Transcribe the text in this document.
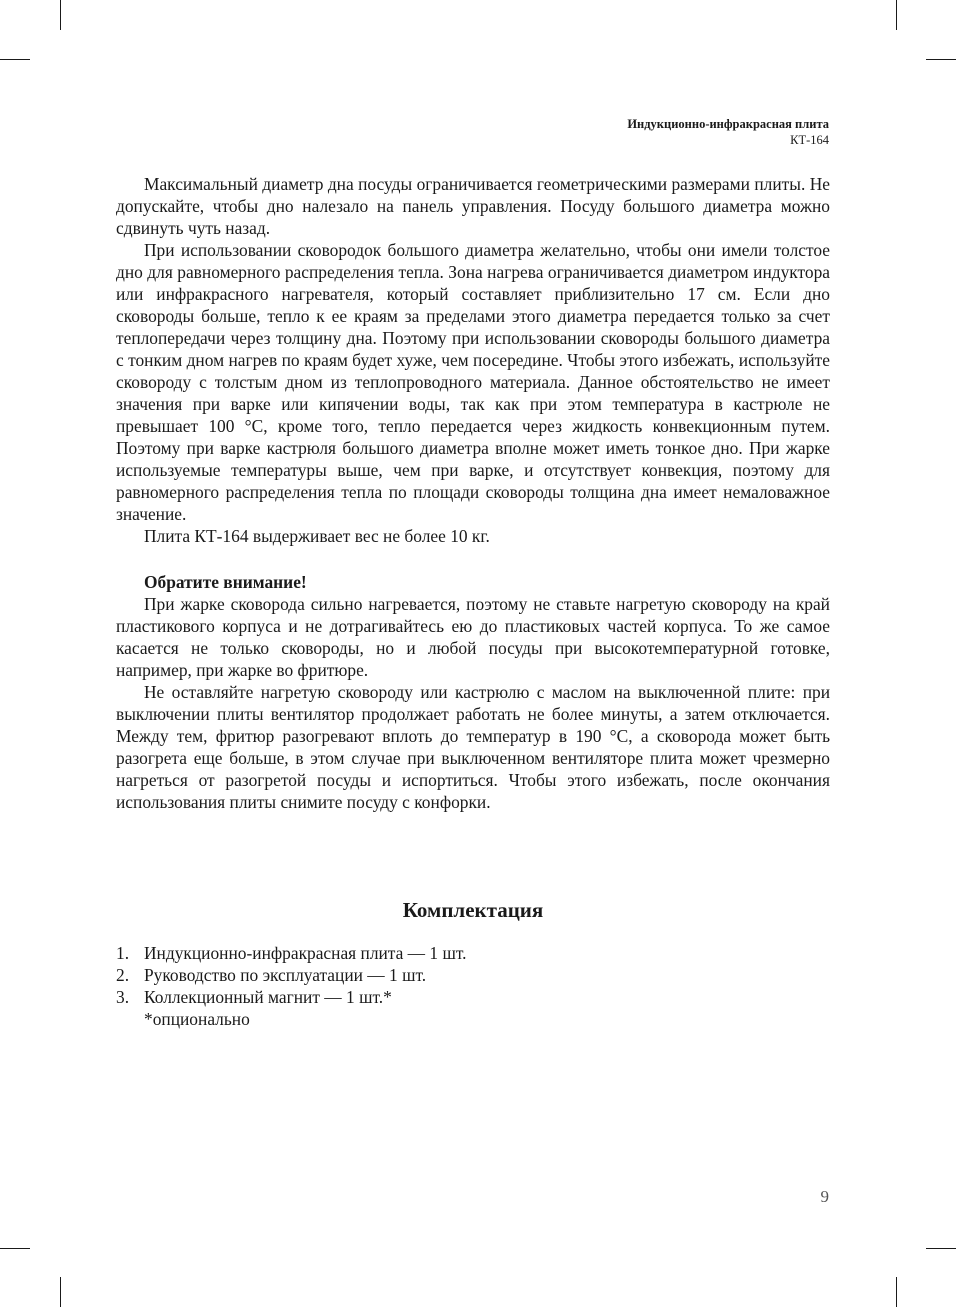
Индукционно-инфракрасная плита
КТ-164

Максимальный диаметр дна посуды ограничивается геометрическими размерами плиты. Не допускайте, чтобы дно налезало на панель управления. Посуду большого диаметра можно сдвинуть чуть назад.

При использовании сковородок большого диаметра желательно, чтобы они имели толстое дно для равномерного распределения тепла. Зона нагрева ограничивается диаметром индуктора или инфракрасного нагревателя, который составляет приблизительно 17 см. Если дно сковороды больше, тепло к ее краям за пределами этого диаметра передается только за счет теплопередачи через толщину дна. Поэтому при использовании сковороды большого диаметра с тонким дном нагрев по краям будет хуже, чем посередине. Чтобы этого избежать, используйте сковороду с толстым дном из теплопроводного материала. Данное обстоятельство не имеет значения при варке или кипячении воды, так как при этом температура в кастрюле не превышает 100 °С, кроме того, тепло передается через жидкость конвекционным путем. Поэтому при варке кастрюля большого диаметра вполне может иметь тонкое дно. При жарке используемые температуры выше, чем при варке, и отсутствует конвекция, поэтому для равномерного распределения тепла по площади сковороды толщина дна имеет немаловажное значение.

Плита КТ-164 выдерживает вес не более 10 кг.

Обратите внимание!

При жарке сковорода сильно нагревается, поэтому не ставьте нагретую сковороду на край пластикового корпуса и не дотрагивайтесь ею до пластиковых частей корпуса. То же самое касается не только сковороды, но и любой посуды при высокотемпературной готовке, например, при жарке во фритюре.

Не оставляйте нагретую сковороду или кастрюлю с маслом на выключенной плите: при выключении плиты вентилятор продолжает работать не более минуты, а затем отключается. Между тем, фритюр разогревают вплоть до температур в 190 °С, а сковорода может быть разогрета еще больше, в этом случае при выключенном вентиляторе плита может чрезмерно нагреться от разогретой посуды и испортиться. Чтобы этого избежать, после окончания использования плиты снимите посуду с конфорки.

Комплектация
1. Индукционно-инфракрасная плита — 1 шт.
2. Руководство по эксплуатации — 1 шт.
3. Коллекционный магнит — 1 шт.*
*опционально
9
